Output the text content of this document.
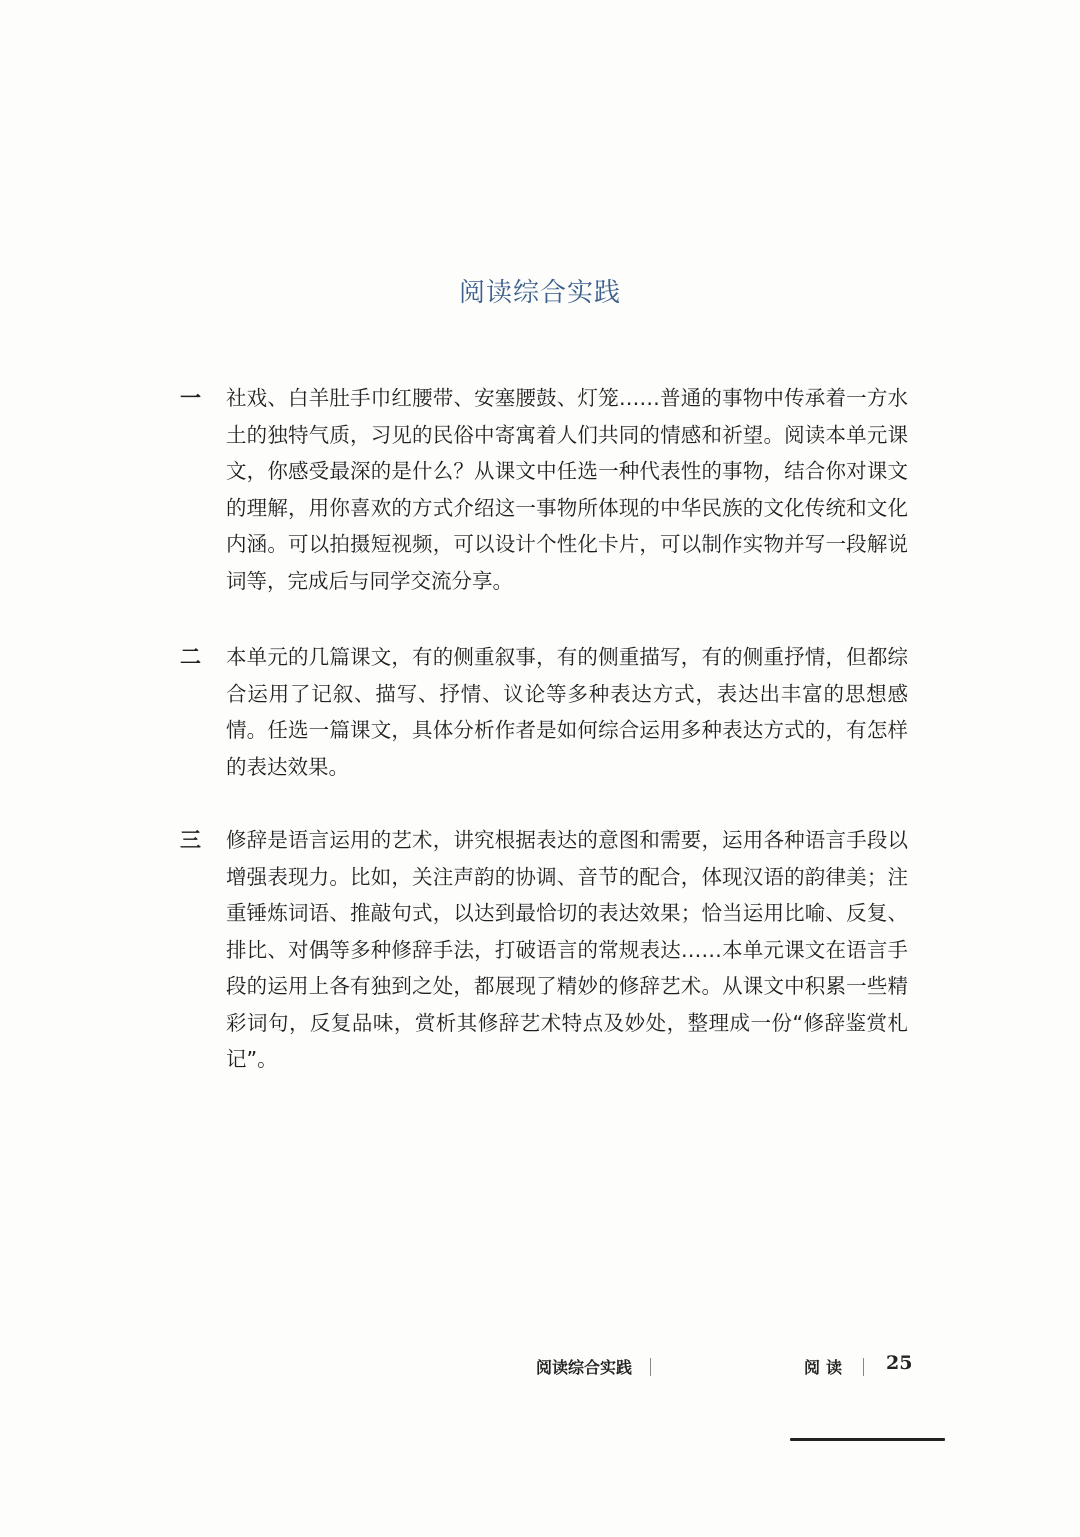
阅读综合实践
一	社戏、白羊肚手巾红腰带、安塞腰鼓、灯笼……普通的事物中传承着一方水土的独特气质，习见的民俗中寄寓着人们共同的情感和祈望。阅读本单元课文，你感受最深的是什么？从课文中任选一种代表性的事物，结合你对课文的理解，用你喜欢的方式介绍这一事物所体现的中华民族的文化传统和文化内涵。可以拍摄短视频，可以设计个性化卡片，可以制作实物并写一段解说词等，完成后与同学交流分享。
二	本单元的几篇课文，有的侧重叙事，有的侧重描写，有的侧重抒情，但都综合运用了记叙、描写、抒情、议论等多种表达方式，表达出丰富的思想感情。任选一篇课文，具体分析作者是如何综合运用多种表达方式的，有怎样的表达效果。
三	修辞是语言运用的艺术，讲究根据表达的意图和需要，运用各种语言手段以增强表现力。比如，关注声韵的协调、音节的配合，体现汉语的韵律美；注重锤炼词语、推敲句式，以达到最恰切的表达效果；恰当运用比喻、反复、排比、对偶等多种修辞手法，打破语言的常规表达……本单元课文在语言手段的运用上各有独到之处，都展现了精妙的修辞艺术。从课文中积累一些精彩词句，反复品味，赏析其修辞艺术特点及妙处，整理成一份“修辞鉴赏札记”。
阅读综合实践	阅读 25
